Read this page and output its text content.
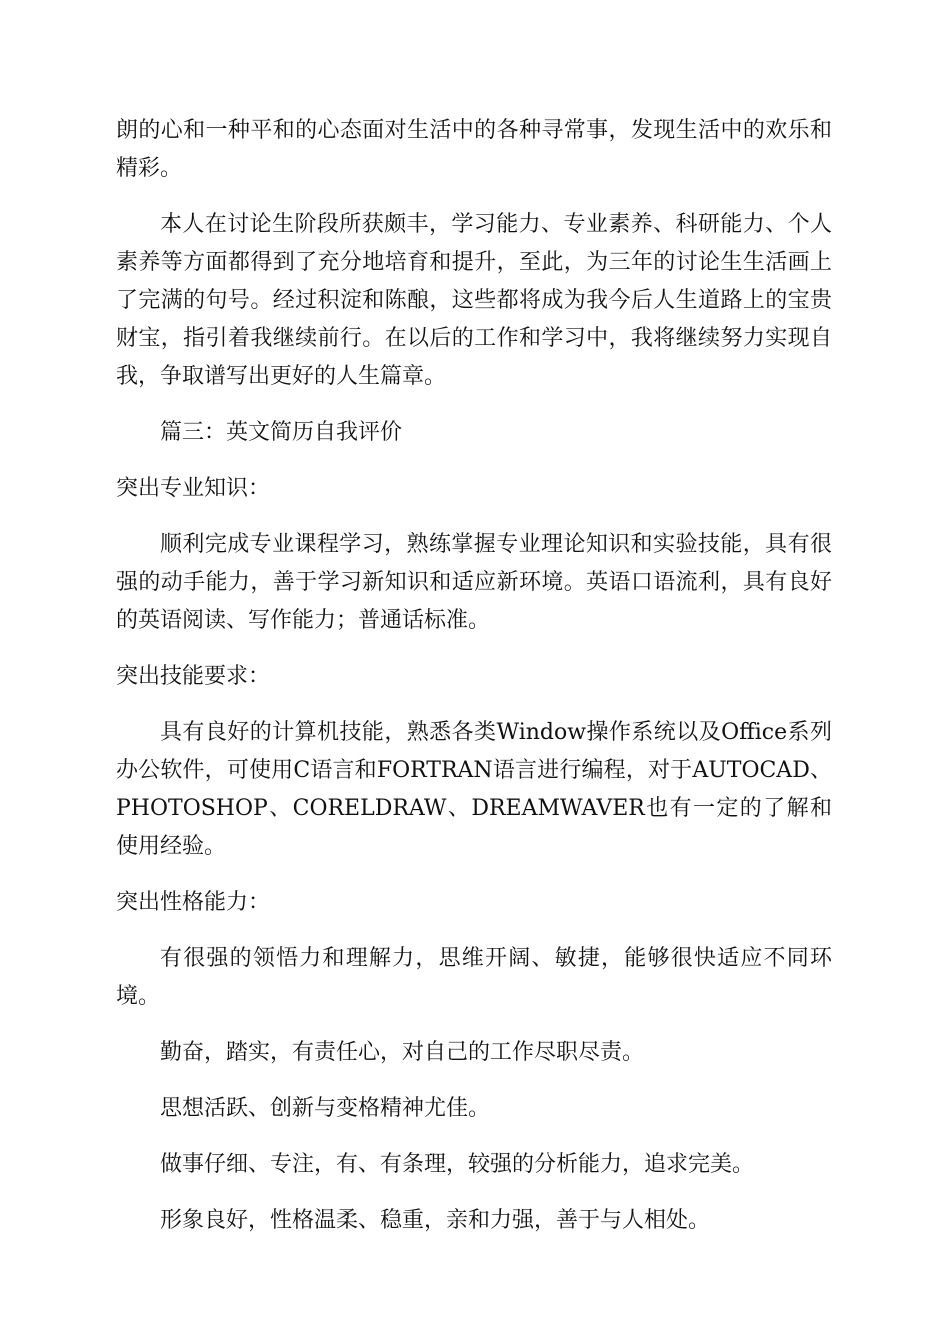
朗的心和一种平和的心态面对生活中的各种寻常事，发现生活中的欢乐和精彩。

本人在讨论生阶段所获颇丰，学习能力、专业素养、科研能力、个人素养等方面都得到了充分地培育和提升，至此，为三年的讨论生生活画上了完满的句号。经过积淀和陈酿，这些都将成为我今后人生道路上的宝贵财宝，指引着我继续前行。在以后的工作和学习中，我将继续努力实现自我，争取谱写出更好的人生篇章。

篇三：英文简历自我评价

突出专业知识：

顺利完成专业课程学习，熟练掌握专业理论知识和实验技能，具有很强的动手能力，善于学习新知识和适应新环境。英语口语流利，具有良好的英语阅读、写作能力；普通话标准。

突出技能要求：

具有良好的计算机技能，熟悉各类Window操作系统以及Office系列办公软件，可使用C语言和FORTRAN语言进行编程，对于AUTOCAD、PHOTOSHOP、CORELDRAW、DREAMWAVER也有一定的了解和使用经验。

突出性格能力：

有很强的领悟力和理解力，思维开阔、敏捷，能够很快适应不同环境。

勤奋，踏实，有责任心，对自己的工作尽职尽责。

思想活跃、创新与变格精神尤佳。

做事仔细、专注，有、有条理，较强的分析能力，追求完美。

形象良好，性格温柔、稳重，亲和力强，善于与人相处。
